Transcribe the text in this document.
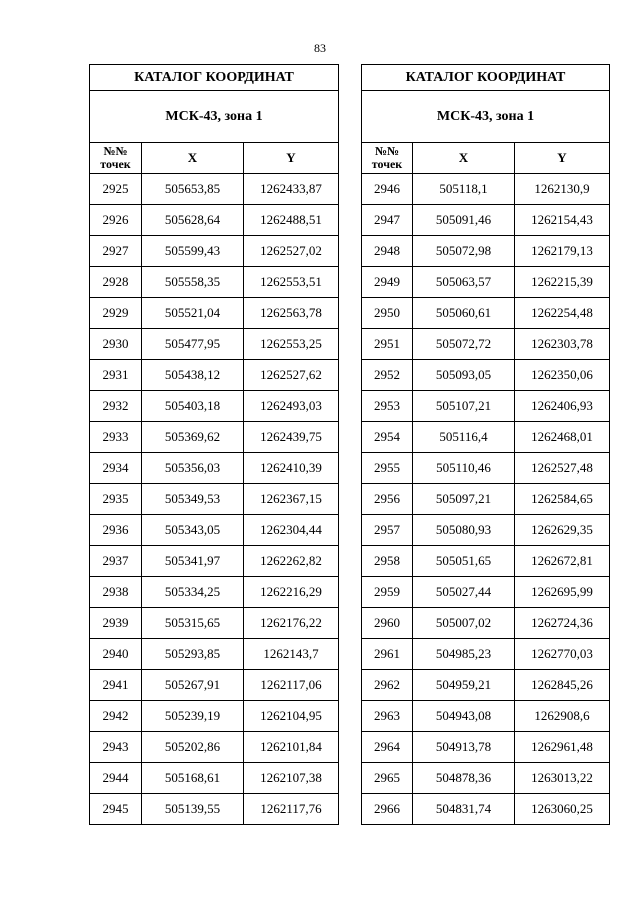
83
КАТАЛОГ КООРДИНАТ		
МСК-43, зона 1		
№№
точек	X	Y
2925	505653,85	1262433,87
2926	505628,64	1262488,51
2927	505599,43	1262527,02
2928	505558,35	1262553,51
2929	505521,04	1262563,78
2930	505477,95	1262553,25
2931	505438,12	1262527,62
2932	505403,18	1262493,03
2933	505369,62	1262439,75
2934	505356,03	1262410,39
2935	505349,53	1262367,15
2936	505343,05	1262304,44
2937	505341,97	1262262,82
2938	505334,25	1262216,29
2939	505315,65	1262176,22
2940	505293,85	1262143,7
2941	505267,91	1262117,06
2942	505239,19	1262104,95
2943	505202,86	1262101,84
2944	505168,61	1262107,38
2945	505139,55	1262117,76
КАТАЛОГ КООРДИНАТ		
МСК-43, зона 1		
№№
точек	X	Y
2946	505118,1	1262130,9
2947	505091,46	1262154,43
2948	505072,98	1262179,13
2949	505063,57	1262215,39
2950	505060,61	1262254,48
2951	505072,72	1262303,78
2952	505093,05	1262350,06
2953	505107,21	1262406,93
2954	505116,4	1262468,01
2955	505110,46	1262527,48
2956	505097,21	1262584,65
2957	505080,93	1262629,35
2958	505051,65	1262672,81
2959	505027,44	1262695,99
2960	505007,02	1262724,36
2961	504985,23	1262770,03
2962	504959,21	1262845,26
2963	504943,08	1262908,6
2964	504913,78	1262961,48
2965	504878,36	1263013,22
2966	504831,74	1263060,25
